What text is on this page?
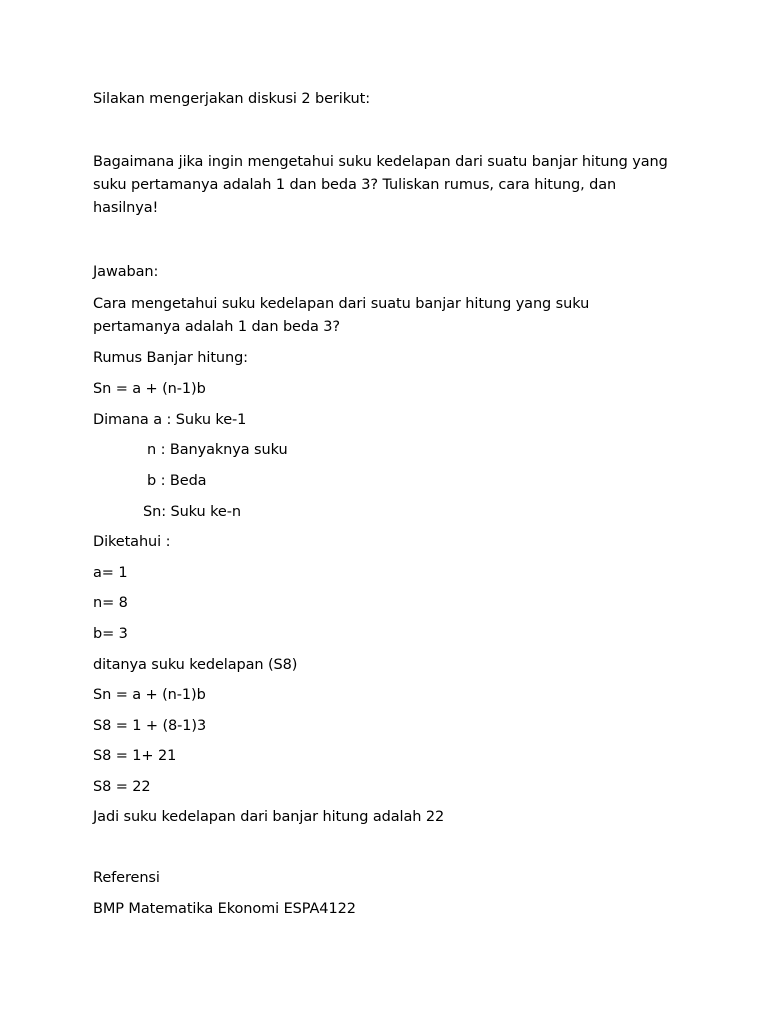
Silakan mengerjakan diskusi 2 berikut:
Bagaimana jika ingin mengetahui suku kedelapan dari suatu banjar hitung yang
suku pertamanya adalah 1 dan beda 3? Tuliskan rumus, cara hitung, dan
hasilnya!
Jawaban:
Cara mengetahui suku kedelapan dari suatu banjar hitung yang suku
pertamanya adalah 1 dan beda 3?
Rumus Banjar hitung:
Sn = a + (n-1)b
Dimana a : Suku ke-1
n : Banyaknya suku
b : Beda
Sn: Suku ke-n
Diketahui :
a= 1
n= 8
b= 3
ditanya suku kedelapan (S8)
Sn = a + (n-1)b
S8 = 1 + (8-1)3
S8 = 1+ 21
S8 = 22
Jadi suku kedelapan dari banjar hitung adalah 22
Referensi
BMP Matematika Ekonomi ESPA4122
